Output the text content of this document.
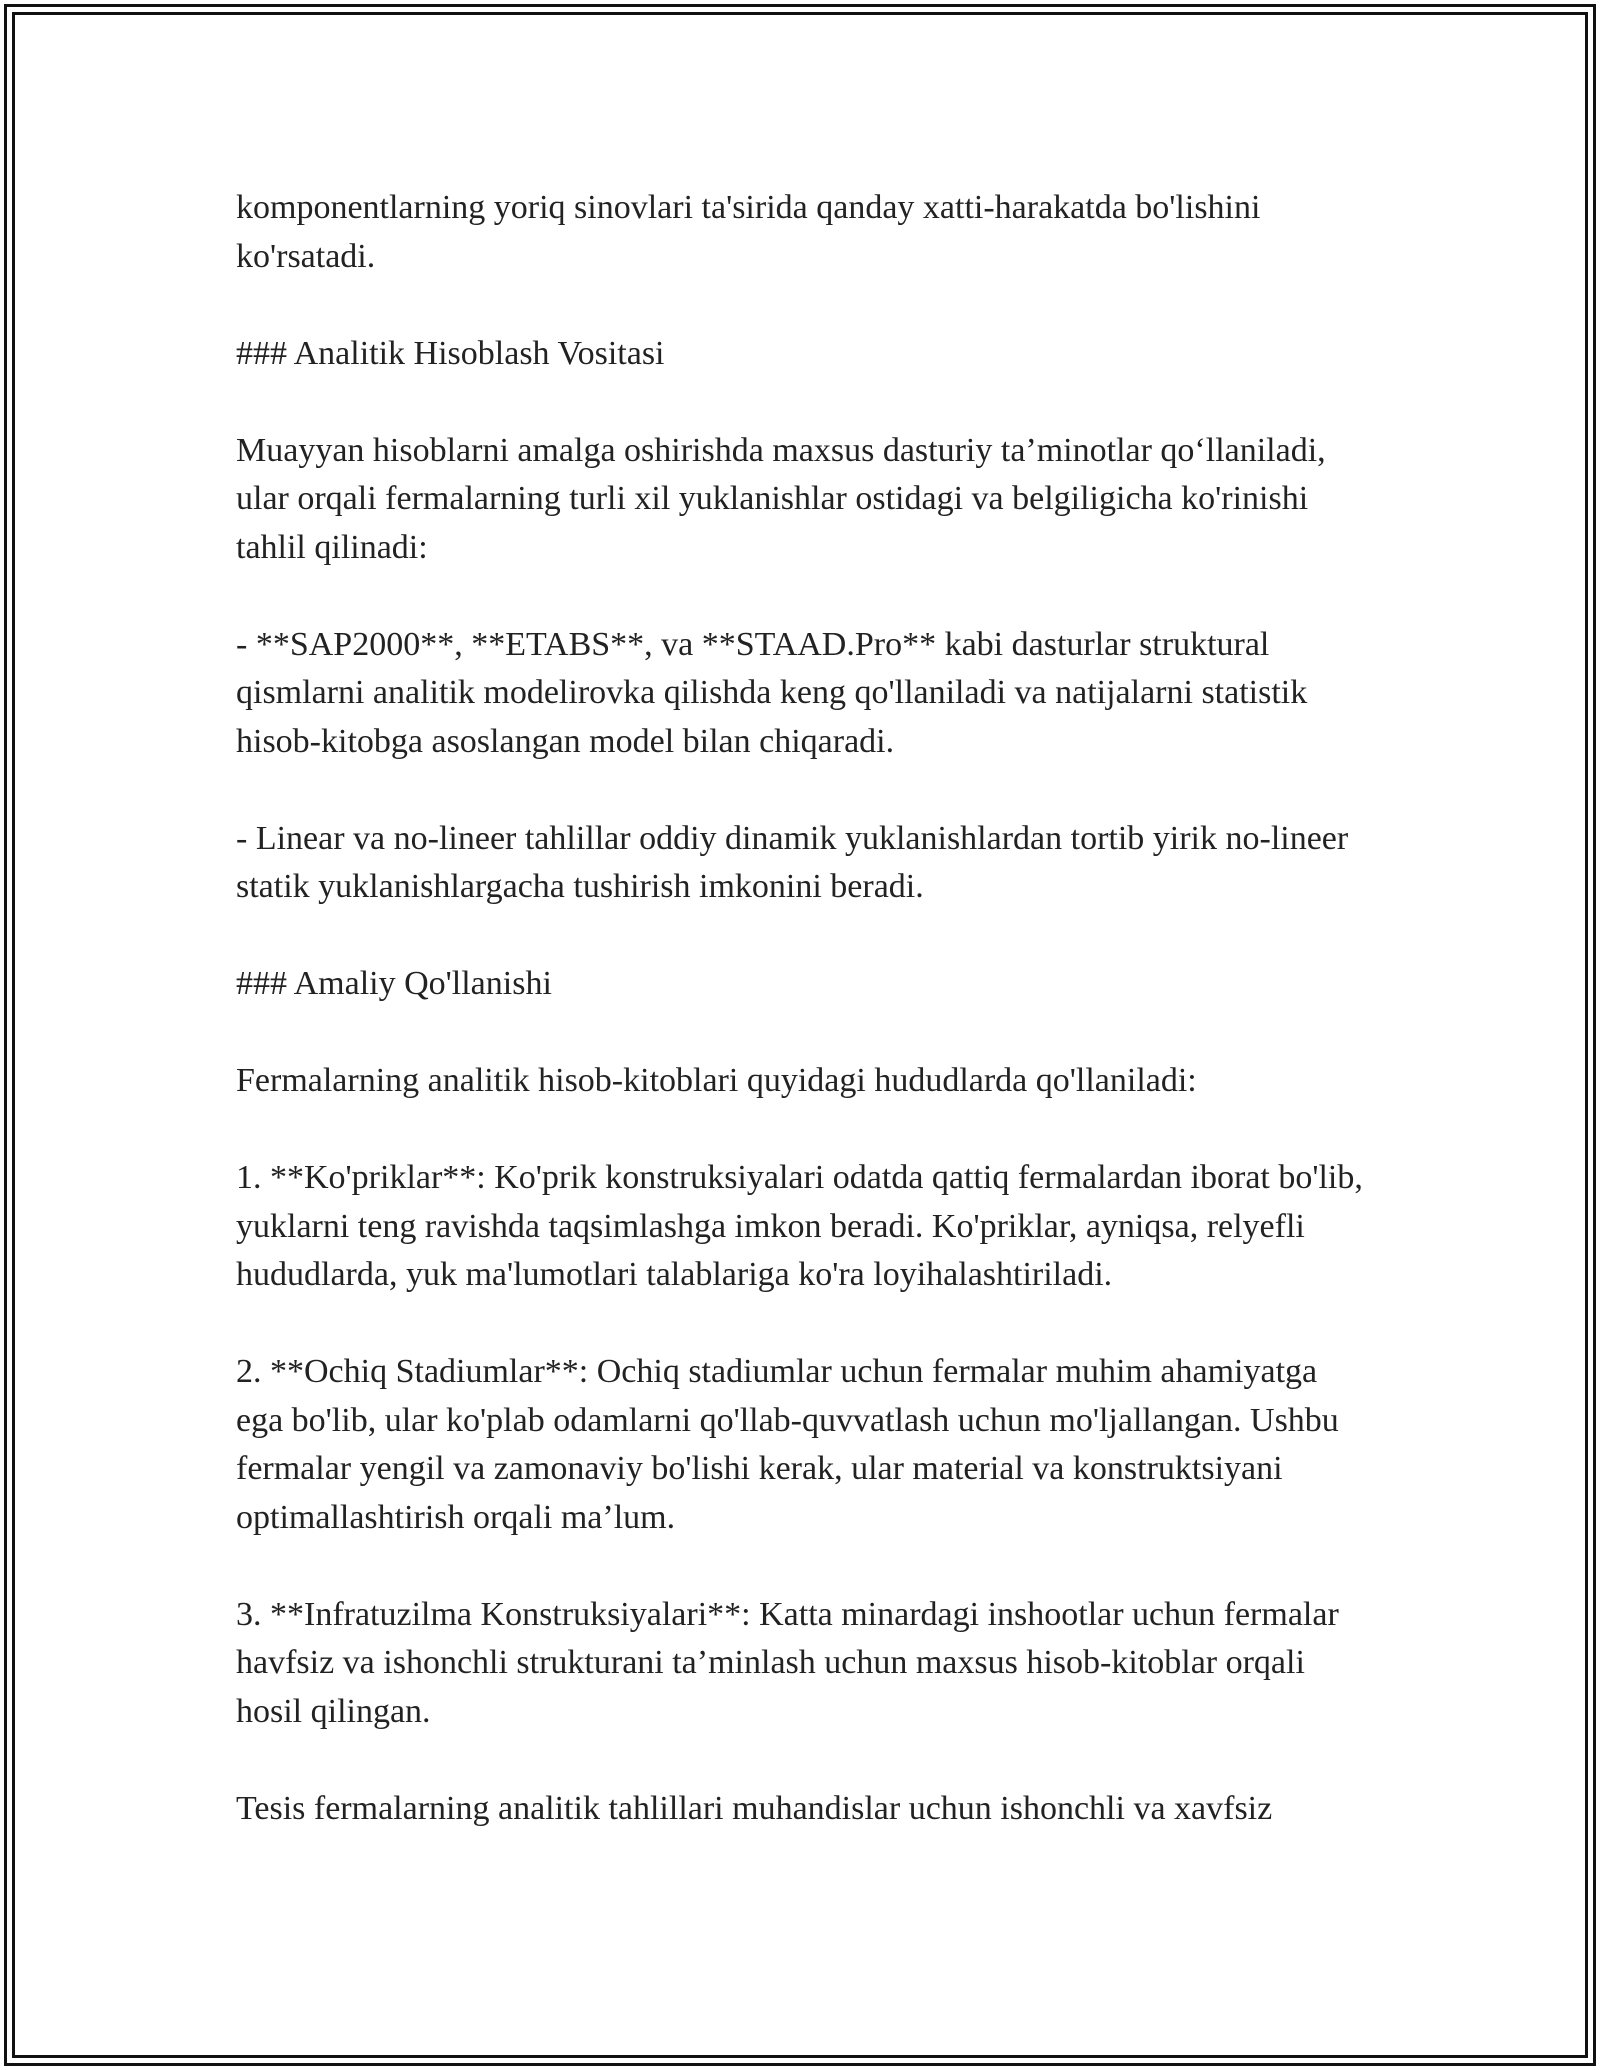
komponentlarning yoriq sinovlari ta'sirida qanday xatti-harakatda bo'lishini ko'rsatadi.

### Analitik Hisoblash Vositasi

Muayyan hisoblarni amalga oshirishda maxsus dasturiy ta’minotlar qo‘llaniladi, ular orqali fermalarning turli xil yuklanishlar ostidagi va belgiligicha ko'rinishi tahlil qilinadi:

- **SAP2000**, **ETABS**, va **STAAD.Pro** kabi dasturlar struktural qismlarni analitik modelirovka qilishda keng qo'llaniladi va natijalarni statistik hisob-kitobga asoslangan model bilan chiqaradi.

- Linear va no-lineer tahlillar oddiy dinamik yuklanishlardan tortib yirik no-lineer statik yuklanishlargacha tushirish imkonini beradi.

### Amaliy Qo'llanishi

Fermalarning analitik hisob-kitoblari quyidagi hududlarda qo'llaniladi:

1. **Ko'priklar**: Ko'prik konstruksiyalari odatda qattiq fermalardan iborat bo'lib, yuklarni teng ravishda taqsimlashga imkon beradi. Ko'priklar, ayniqsa, relyefli hududlarda, yuk ma'lumotlari talablariga ko'ra loyihalashtiriladi.

2. **Ochiq Stadiumlar**: Ochiq stadiumlar uchun fermalar muhim ahamiyatga ega bo'lib, ular ko'plab odamlarni qo'llab-quvvatlash uchun mo'ljallangan. Ushbu fermalar yengil va zamonaviy bo'lishi kerak, ular material va konstruktsiyani optimallashtirish orqali ma’lum.

3. **Infratuzilma Konstruksiyalari**: Katta minardagi inshootlar uchun fermalar havfsiz va ishonchli strukturani ta’minlash uchun maxsus hisob-kitoblar orqali hosil qilingan.

Tesis fermalarning analitik tahlillari muhandislar uchun ishonchli va xavfsiz
